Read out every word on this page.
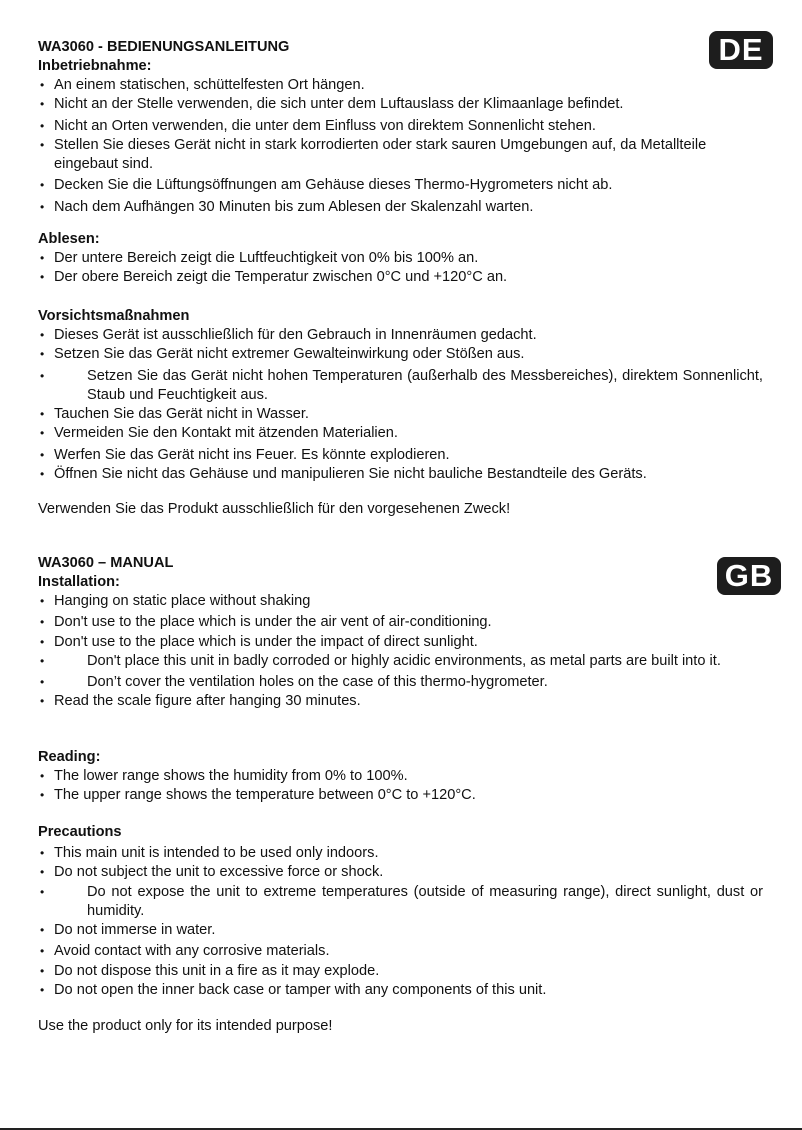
DE
GB
WA3060 - BEDIENUNGSANLEITUNG
Inbetriebnahme:
• An einem statischen, schüttelfesten Ort hängen.
• Nicht an der Stelle verwenden, die sich unter dem Luftauslass der Klimaanlage befindet.
• Nicht an Orten verwenden, die unter dem Einfluss von direktem Sonnenlicht stehen.
• Stellen Sie dieses Gerät nicht in stark korrodierten oder stark sauren Umgebungen auf, da Metallteile eingebaut sind.
• Decken Sie die Lüftungsöffnungen am Gehäuse dieses Thermo-Hygrometers nicht ab.
• Nach dem Aufhängen 30 Minuten bis zum Ablesen der Skalenzahl warten.
Ablesen:
• Der untere Bereich zeigt die Luftfeuchtigkeit von 0% bis 100% an.
• Der obere Bereich zeigt die Temperatur zwischen 0°C und +120°C an.
Vorsichtsmaßnahmen
• Dieses Gerät ist ausschließlich für den Gebrauch in Innenräumen gedacht.
• Setzen Sie das Gerät nicht extremer Gewalteinwirkung oder Stößen aus.
• Setzen Sie das Gerät nicht hohen Temperaturen (außerhalb des Messbereiches), direktem Sonnenlicht, Staub und Feuchtigkeit aus.
• Tauchen Sie das Gerät nicht in Wasser.
• Vermeiden Sie den Kontakt mit ätzenden Materialien.
• Werfen Sie das Gerät nicht ins Feuer. Es könnte explodieren.
• Öffnen Sie nicht das Gehäuse und manipulieren Sie nicht bauliche Bestandteile des Geräts.

Verwenden Sie das Produkt ausschließlich für den vorgesehenen Zweck!

WA3060 – MANUAL
Installation:
• Hanging on static place without shaking
• Don't use to the place which is under the air vent of air-conditioning.
• Don't use to the place which is under the impact of direct sunlight.
• Don't place this unit in badly corroded or highly acidic environments, as metal parts are built into it.
• Don’t cover the ventilation holes on the case of this thermo-hygrometer.
• Read the scale figure after hanging 30 minutes.
Reading:
• The lower range shows the humidity from 0% to 100%.
• The upper range shows the temperature between 0°C to +120°C.
Precautions
• This main unit is intended to be used only indoors.
• Do not subject the unit to excessive force or shock.
• Do not expose the unit to extreme temperatures (outside of measuring range), direct sunlight, dust or humidity.
• Do not immerse in water.
• Avoid contact with any corrosive materials.
• Do not dispose this unit in a fire as it may explode.
• Do not open the inner back case or tamper with any components of this unit.

Use the product only for its intended purpose!
